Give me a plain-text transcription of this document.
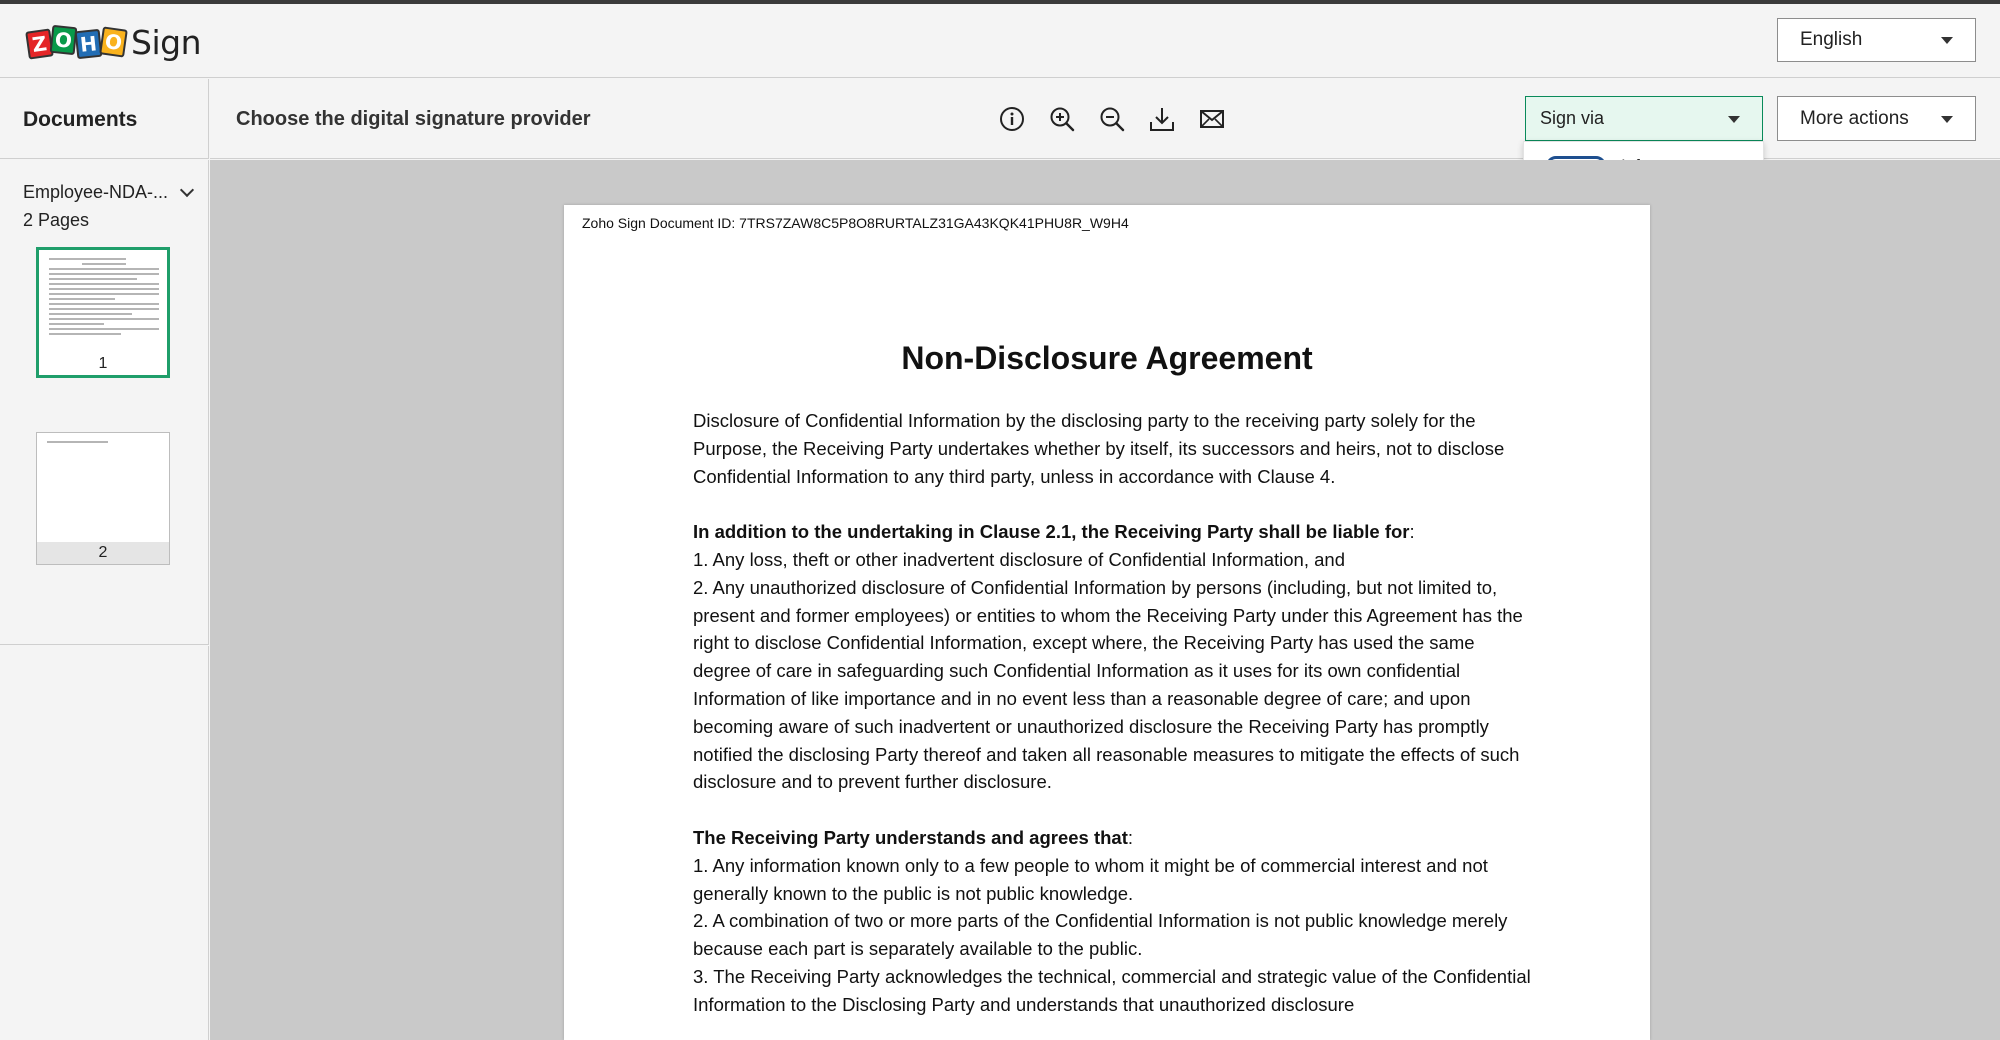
Z O H O Sign	English
Documents	Choose the digital signature provider	Sign via	More actions
Employee-NDA-...
2 Pages
1
2
Zoho Sign Document ID: 7TRS7ZAW8C5P8O8RURTALZ31GA43KQK41PHU8R_W9H4
Non-Disclosure Agreement

Disclosure of Confidential Information by the disclosing party to the receiving party solely for the Purpose, the Receiving Party undertakes whether by itself, its successors and heirs, not to disclose Confidential Information to any third party, unless in accordance with Clause 4.

In addition to the undertaking in Clause 2.1, the Receiving Party shall be liable for:

1. Any loss, theft or other inadvertent disclosure of Confidential Information, and

2. Any unauthorized disclosure of Confidential Information by persons (including, but not limited to, present and former employees) or entities to whom the Receiving Party under this Agreement has the right to disclose Confidential Information, except where, the Receiving Party has used the same degree of care in safeguarding such Confidential Information as it uses for its own confidential Information of like importance and in no event less than a reasonable degree of care; and upon becoming aware of such inadvertent or unauthorized disclosure the Receiving Party has promptly notified the disclosing Party thereof and taken all reasonable measures to mitigate the effects of such disclosure and to prevent further disclosure.

The Receiving Party understands and agrees that:

1. Any information known only to a few people to whom it might be of commercial interest and not generally known to the public is not public knowledge.

2. A combination of two or more parts of the Confidential Information is not public knowledge merely because each part is separately available to the public.

3. The Receiving Party acknowledges the technical, commercial and strategic value of the Confidential Information to the Disclosing Party and understands that unauthorized disclosure
